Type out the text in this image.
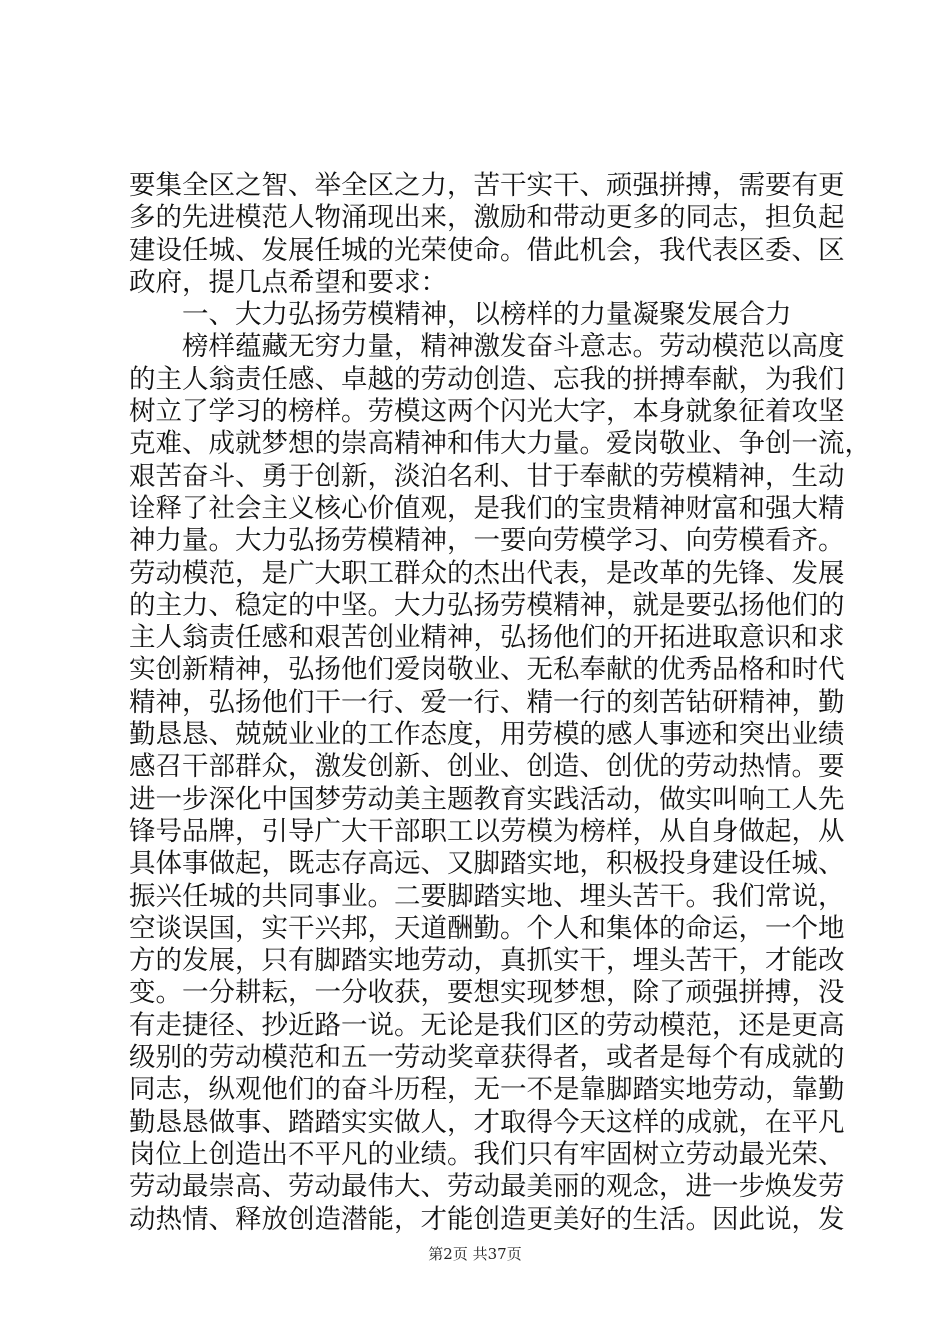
要集全区之智、举全区之力，苦干实干、顽强拼搏，需要有更
多的先进模范人物涌现出来，激励和带动更多的同志，担负起
建设任城、发展任城的光荣使命。借此机会，我代表区委、区
政府，提几点希望和要求：
　　一、大力弘扬劳模精神，以榜样的力量凝聚发展合力
　　榜样蕴藏无穷力量，精神激发奋斗意志。劳动模范以高度
的主人翁责任感、卓越的劳动创造、忘我的拼搏奉献，为我们
树立了学习的榜样。劳模这两个闪光大字，本身就象征着攻坚
克难、成就梦想的崇高精神和伟大力量。爱岗敬业、争创一流，
艰苦奋斗、勇于创新，淡泊名利、甘于奉献的劳模精神，生动
诠释了社会主义核心价值观，是我们的宝贵精神财富和强大精
神力量。大力弘扬劳模精神，一要向劳模学习、向劳模看齐。
劳动模范，是广大职工群众的杰出代表，是改革的先锋、发展
的主力、稳定的中坚。大力弘扬劳模精神，就是要弘扬他们的
主人翁责任感和艰苦创业精神，弘扬他们的开拓进取意识和求
实创新精神，弘扬他们爱岗敬业、无私奉献的优秀品格和时代
精神，弘扬他们干一行、爱一行、精一行的刻苦钻研精神，勤
勤恳恳、兢兢业业的工作态度，用劳模的感人事迹和突出业绩
感召干部群众，激发创新、创业、创造、创优的劳动热情。要
进一步深化中国梦劳动美主题教育实践活动，做实叫响工人先
锋号品牌，引导广大干部职工以劳模为榜样，从自身做起，从
具体事做起，既志存高远、又脚踏实地，积极投身建设任城、
振兴任城的共同事业。二要脚踏实地、埋头苦干。我们常说，
空谈误国，实干兴邦，天道酬勤。个人和集体的命运，一个地
方的发展，只有脚踏实地劳动，真抓实干，埋头苦干，才能改
变。一分耕耘，一分收获，要想实现梦想，除了顽强拼搏，没
有走捷径、抄近路一说。无论是我们区的劳动模范，还是更高
级别的劳动模范和五一劳动奖章获得者，或者是每个有成就的
同志，纵观他们的奋斗历程，无一不是靠脚踏实地劳动，靠勤
勤恳恳做事、踏踏实实做人，才取得今天这样的成就，在平凡
岗位上创造出不平凡的业绩。我们只有牢固树立劳动最光荣、
劳动最崇高、劳动最伟大、劳动最美丽的观念，进一步焕发劳
动热情、释放创造潜能，才能创造更美好的生活。因此说，发
第2页 共37页
